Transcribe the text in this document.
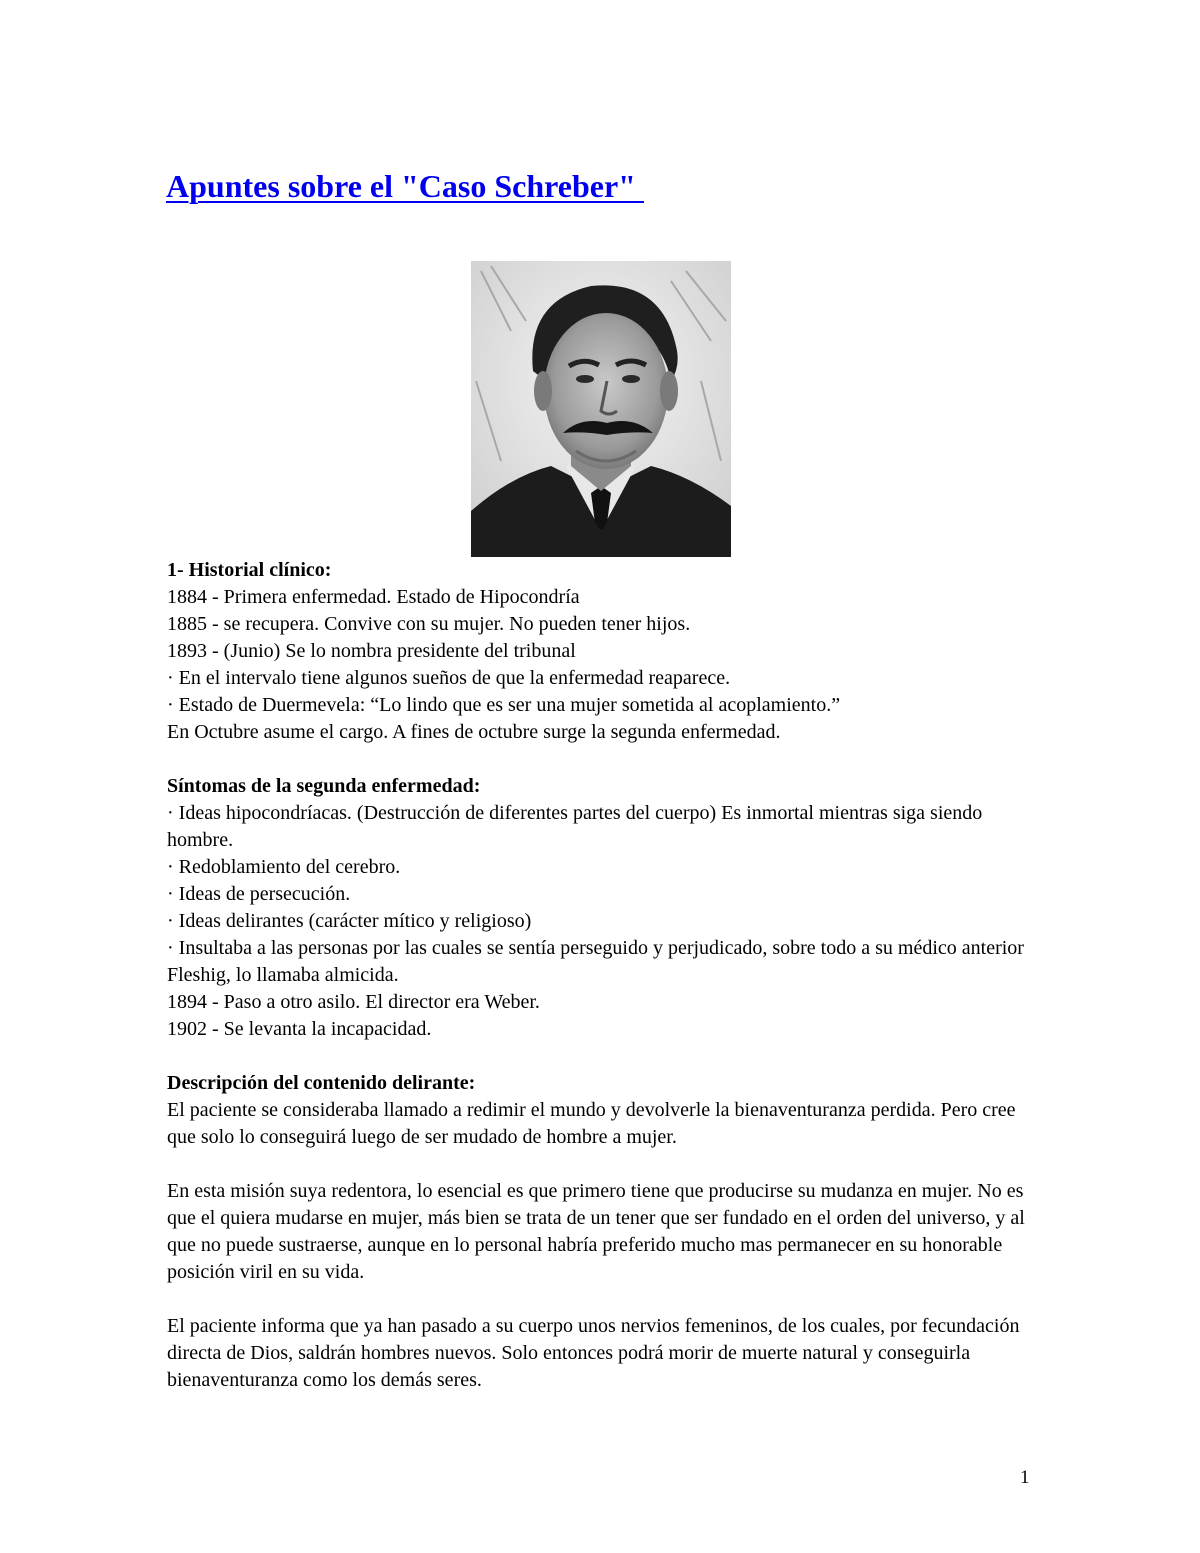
Apuntes sobre el "Caso Schreber"

1- Historial clínico:

1884 - Primera enfermedad. Estado de Hipocondría

1885 - se recupera. Convive con su mujer. No pueden tener hijos.

1893 - (Junio) Se lo nombra presidente del tribunal

· En el intervalo tiene algunos sueños de que la enfermedad reaparece.

· Estado de Duermevela: “Lo lindo que es ser una mujer sometida al acoplamiento.”

En Octubre asume el cargo. A fines de octubre surge la segunda enfermedad.

Síntomas de la segunda enfermedad:

· Ideas hipocondríacas. (Destrucción de diferentes partes del cuerpo) Es inmortal mientras siga siendo hombre.

· Redoblamiento del cerebro.

· Ideas de persecución.

· Ideas delirantes (carácter mítico y religioso)

· Insultaba a las personas por las cuales se sentía perseguido y perjudicado, sobre todo a su médico anterior Fleshig, lo llamaba almicida.

1894 - Paso a otro asilo. El director era Weber.

1902 - Se levanta la incapacidad.

Descripción del contenido delirante:

El paciente se consideraba llamado a redimir el mundo y devolverle la bienaventuranza perdida. Pero cree que solo lo conseguirá luego de ser mudado de hombre a mujer.

En esta misión suya redentora, lo esencial es que primero tiene que producirse su mudanza en mujer. No es que el quiera mudarse en mujer, más bien se trata de un tener que ser fundado en el orden del universo, y al que no puede sustraerse, aunque en lo personal habría preferido mucho mas permanecer en su honorable posición viril en su vida.

El paciente informa que ya han pasado a su cuerpo unos nervios femeninos, de los cuales, por fecundación directa de Dios, saldrán hombres nuevos. Solo entonces podrá morir de muerte natural y conseguirla bienaventuranza como los demás seres.

1
